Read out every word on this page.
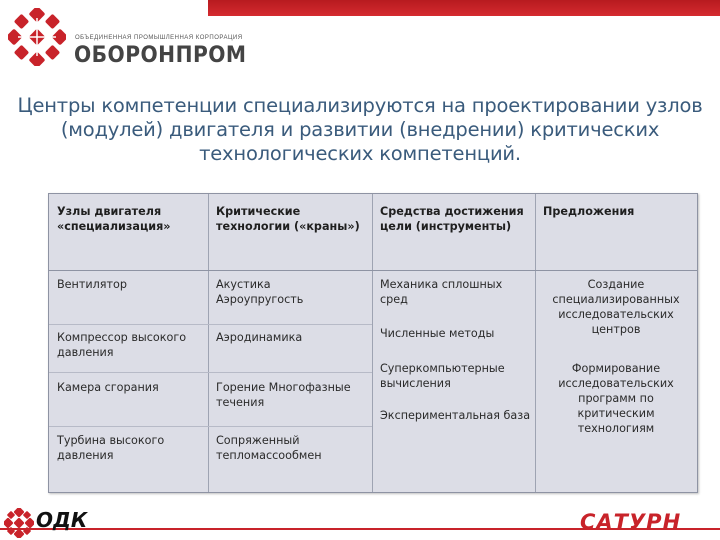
ОБЪЕДИНЕННАЯ ПРОМЫШЛЕННАЯ КОРПОРАЦИЯ
ОБОРОНПРОМ
Центры компетенции специализируются на проектировании узлов (модулей) двигателя и развитии (внедрении) критических технологических компетенций.
Узлы двигателя «специализация»
Критические технологии («краны»)
Средства достижения цели (инструменты)
Предложения
Вентилятор
Компрессор высокого давления
Камера сгорания
Турбина высокого давления
Акустика Аэроупругость
Аэродинамика
Горение Многофазные течения
Сопряженный тепломассообмен
Механика сплошных сред
Численные методы
Суперкомпьютерные вычисления
Экспериментальная база
Создание специализированных исследовательских центров
Формирование исследовательских программ по критическим технологиям
ОДК	САТУРН
